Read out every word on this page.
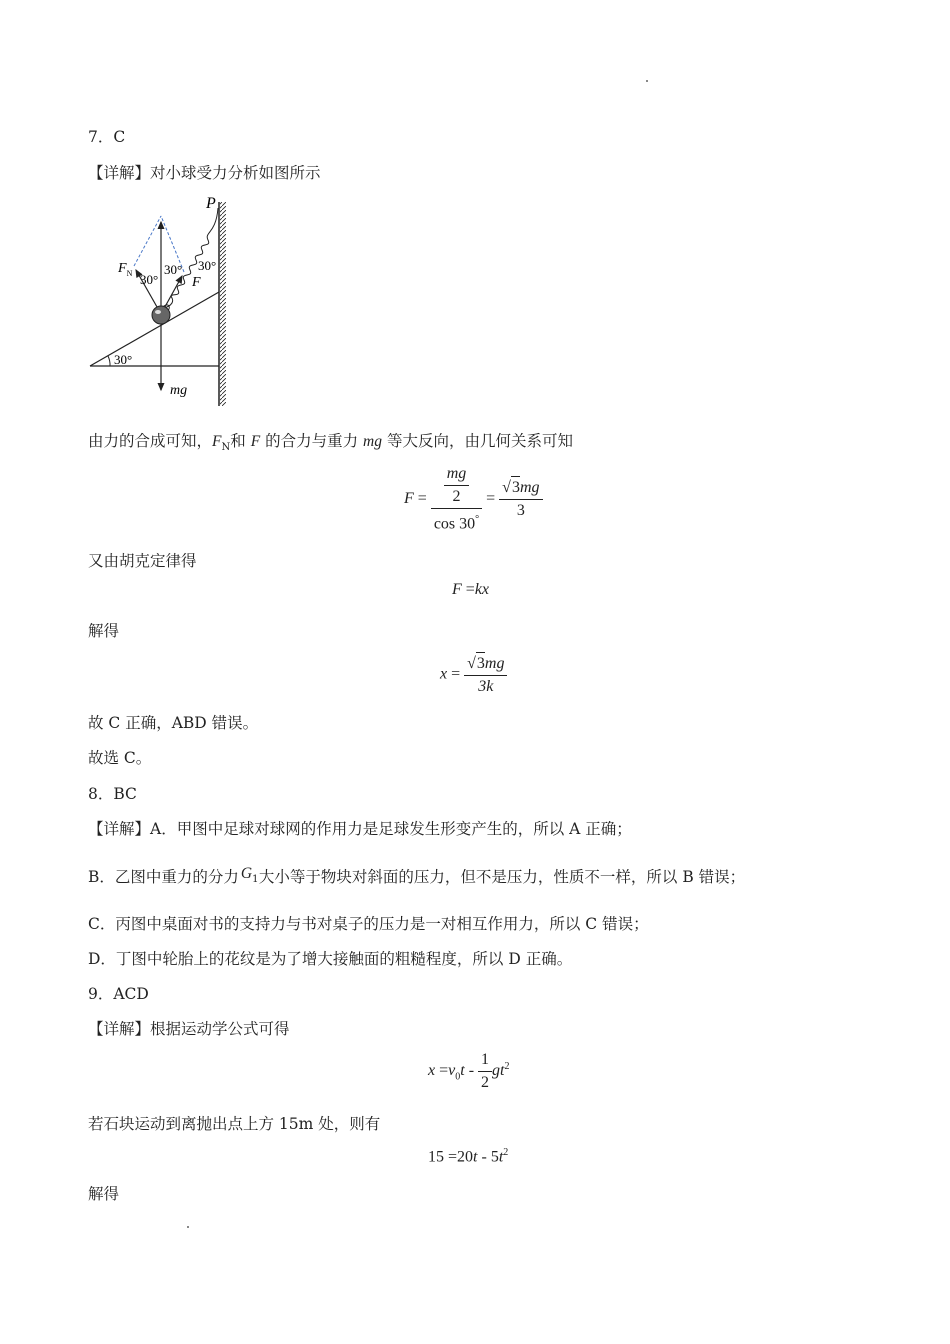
7．C
【详解】对小球受力分析如图所示
30°
P
30°
$F_N$
F
30°
30°
mg
由力的合成可知，$F_N$和 F 的合力与重力 mg 等大反向，由几何关系可知
$F = \frac{\frac{mg}{2}}{\cos 30^\circ} = \frac{√3mg}{3}$
又由胡克定律得
F =kx
解得
$x = \frac{√3mg}{3k}$
故 C 正确，ABD 错误。
故选 C。
8．BC
【详解】A．甲图中足球对球网的作用力是足球发生形变产生的，所以 A 正确；
B．乙图中重力的分力 $G_1$ 大小等于物块对斜面的压力，但不是压力，性质不一样，所以 B 错误；
C．丙图中桌面对书的支持力与书对桌子的压力是一对相互作用力，所以 C 错误；
D．丁图中轮胎上的花纹是为了增大接触面的粗糙程度，所以 D 正确。
9．ACD
【详解】根据运动学公式可得
$x =v_0t - \frac{1}{2} gt^2$
若石块运动到离抛出点上方 15m 处，则有
$15 =20t - 5t^2$
解得
